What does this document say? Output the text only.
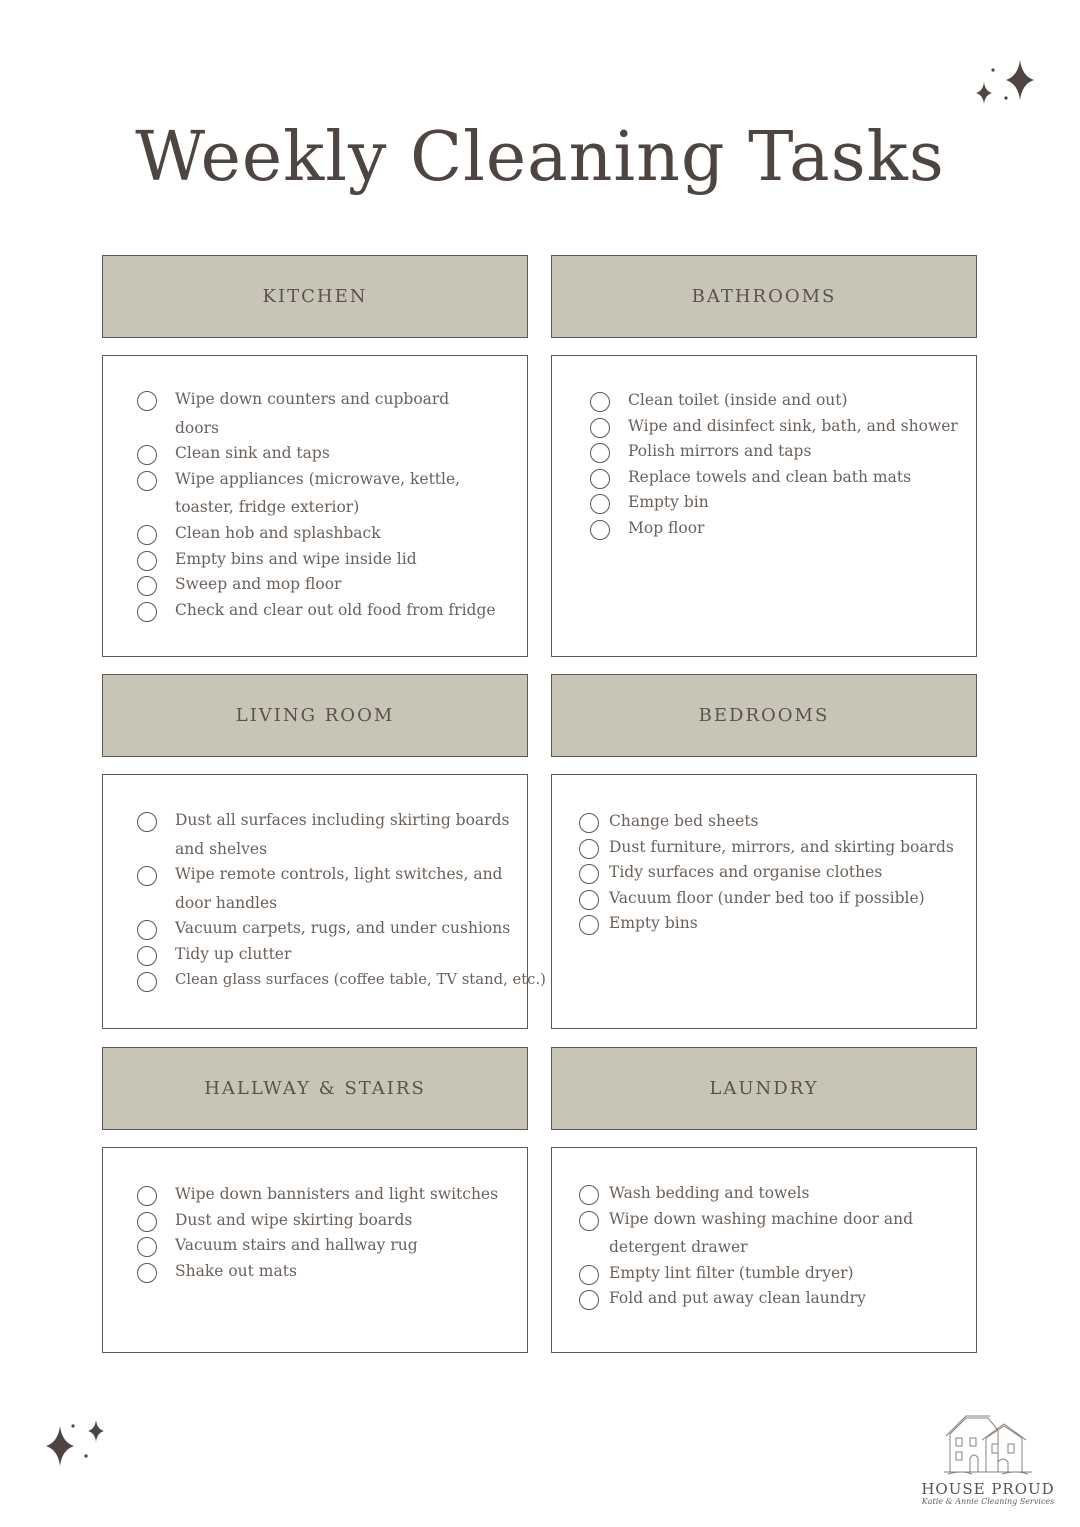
Weekly Cleaning Tasks
KITCHEN
Wipe down counters and cupboard doors
Clean sink and taps
Wipe appliances (microwave, kettle, toaster, fridge exterior)
Clean hob and splashback
Empty bins and wipe inside lid
Sweep and mop floor
Check and clear out old food from fridge
BATHROOMS
Clean toilet (inside and out)
Wipe and disinfect sink, bath, and shower
Polish mirrors and taps
Replace towels and clean bath mats
Empty bin
Mop floor
LIVING ROOM
Dust all surfaces including skirting boards and shelves
Wipe remote controls, light switches, and door handles
Vacuum carpets, rugs, and under cushions
Tidy up clutter
Clean glass surfaces (coffee table, TV stand, etc.)
BEDROOMS
Change bed sheets
Dust furniture, mirrors, and skirting boards
Tidy surfaces and organise clothes
Vacuum floor (under bed too if possible)
Empty bins
HALLWAY & STAIRS
Wipe down bannisters and light switches
Dust and wipe skirting boards
Vacuum stairs and hallway rug
Shake out mats
LAUNDRY
Wash bedding and towels
Wipe down washing machine door and detergent drawer
Empty lint filter (tumble dryer)
Fold and put away clean laundry
HOUSE PROUD
Katie & Annie Cleaning Services
